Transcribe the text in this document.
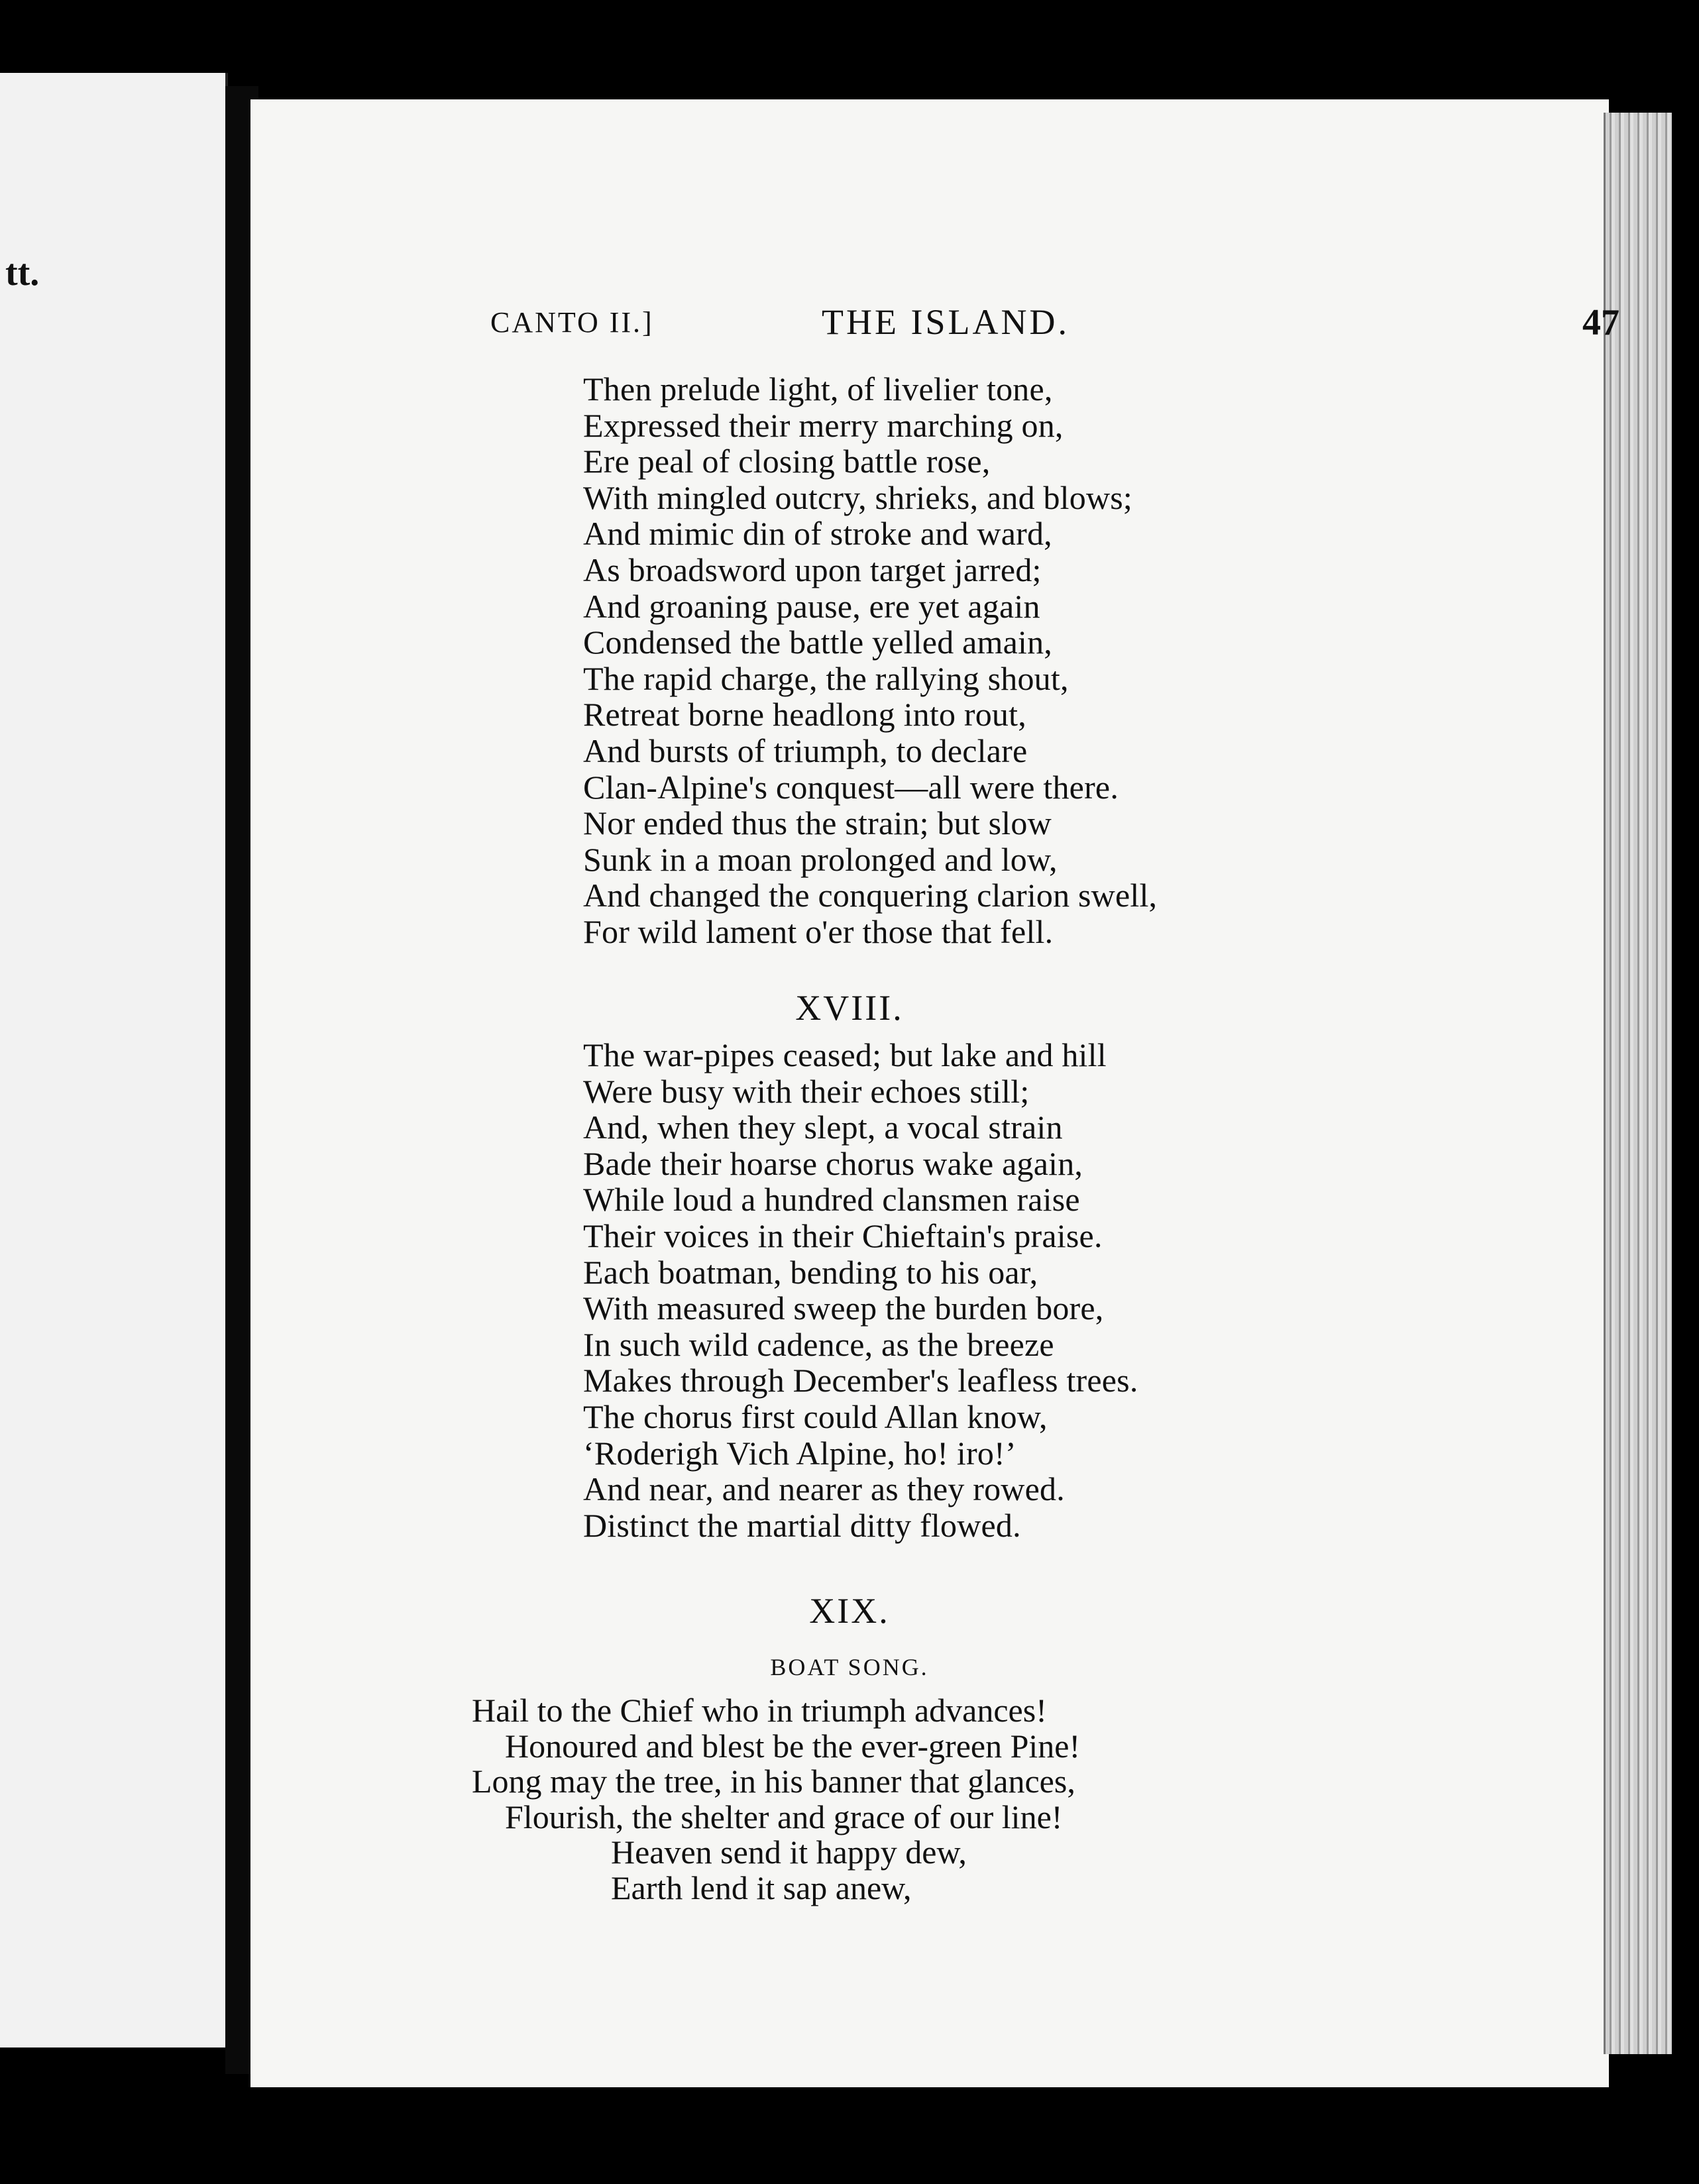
tt.
CANTO II.]	THE ISLAND.	47
Then prelude light, of livelier tone,
Expressed their merry marching on,
Ere peal of closing battle rose,
With mingled outcry, shrieks, and blows;
And mimic din of stroke and ward,
As broadsword upon target jarred;
And groaning pause, ere yet again
Condensed the battle yelled amain,
The rapid charge, the rallying shout,
Retreat borne headlong into rout,
And bursts of triumph, to declare
Clan-Alpine's conquest—all were there.
Nor ended thus the strain; but slow
Sunk in a moan prolonged and low,
And changed the conquering clarion swell,
For wild lament o'er those that fell.
XVIII.
The war-pipes ceased; but lake and hill
Were busy with their echoes still;
And, when they slept, a vocal strain
Bade their hoarse chorus wake again,
While loud a hundred clansmen raise
Their voices in their Chieftain's praise.
Each boatman, bending to his oar,
With measured sweep the burden bore,
In such wild cadence, as the breeze
Makes through December's leafless trees.
The chorus first could Allan know,
‘Roderigh Vich Alpine, ho! iro!’
And near, and nearer as they rowed.
Distinct the martial ditty flowed.
XIX.
BOAT SONG.
Hail to the Chief who in triumph advances!
Honoured and blest be the ever-green Pine!
Long may the tree, in his banner that glances,
Flourish, the shelter and grace of our line!
Heaven send it happy dew,
Earth lend it sap anew,
